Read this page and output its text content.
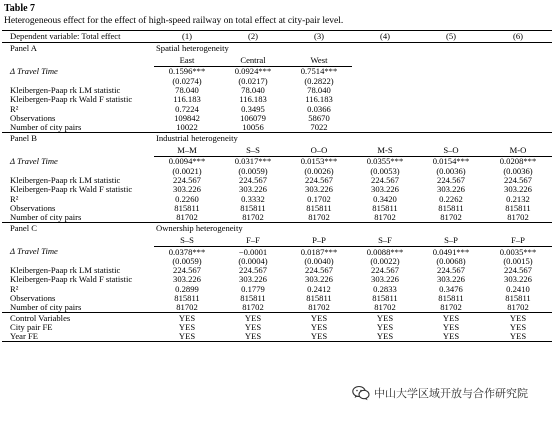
Table 7
Heterogeneous effect for the effect of high-speed railway on total effect at city-pair level.
Dependent variable: Total effect	(1)	(2)	(3)	(4)	(5)	(6)
Panel A	Spatial heterogeneity					
	East	Central	West			
Δ Travel Time	0.1596***	0.0924***	0.7514***			
	(0.0274)	(0.0217)	(0.2822)			
Kleibergen-Paap rk LM statistic	78.040	78.040	78.040			
Kleibergen-Paap rk Wald F statistic	116.183	116.183	116.183			
R²	0.7224	0.3495	0.0366			
Observations	109842	106079	58670			
Number of city pairs	10022	10056	7022			
Panel B	Industrial heterogeneity					
	M–M	S–S	O–O	M-S	S–O	M-O
Δ Travel Time	0.0094***	0.0317***	0.0153***	0.0355***	0.0154***	0.0208***
	(0.0021)	(0.0059)	(0.0026)	(0.0053)	(0.0036)	(0.0036)
Kleibergen-Paap rk LM statistic	224.567	224.567	224.567	224.567	224.567	224.567
Kleibergen-Paap rk Wald F statistic	303.226	303.226	303.226	303.226	303.226	303.226
R²	0.2260	0.3332	0.1702	0.3420	0.2262	0.2132
Observations	815811	815811	815811	815811	815811	815811
Number of city pairs	81702	81702	81702	81702	81702	81702
Panel C	Ownership heterogeneity					
	S–S	F–F	P–P	S–F	S–P	F–P
Δ Travel Time	0.0378***	−0.0001	0.0187***	0.0088***	0.0491***	0.0035***
	(0.0059)	(0.0004)	(0.0040)	(0.0022)	(0.0068)	(0.0015)
Kleibergen-Paap rk LM statistic	224.567	224.567	224.567	224.567	224.567	224.567
Kleibergen-Paap rk Wald F statistic	303.226	303.226	303.226	303.226	303.226	303.226
R²	0.2899	0.1779	0.2412	0.2833	0.3476	0.2410
Observations	815811	815811	815811	815811	815811	815811
Number of city pairs	81702	81702	81702	81702	81702	81702
Control Variables	YES	YES	YES	YES	YES	YES
City pair FE	YES	YES	YES	YES	YES	YES
Year FE	YES	YES	YES	YES	YES	YES
中山大学区域开放与合作研究院
